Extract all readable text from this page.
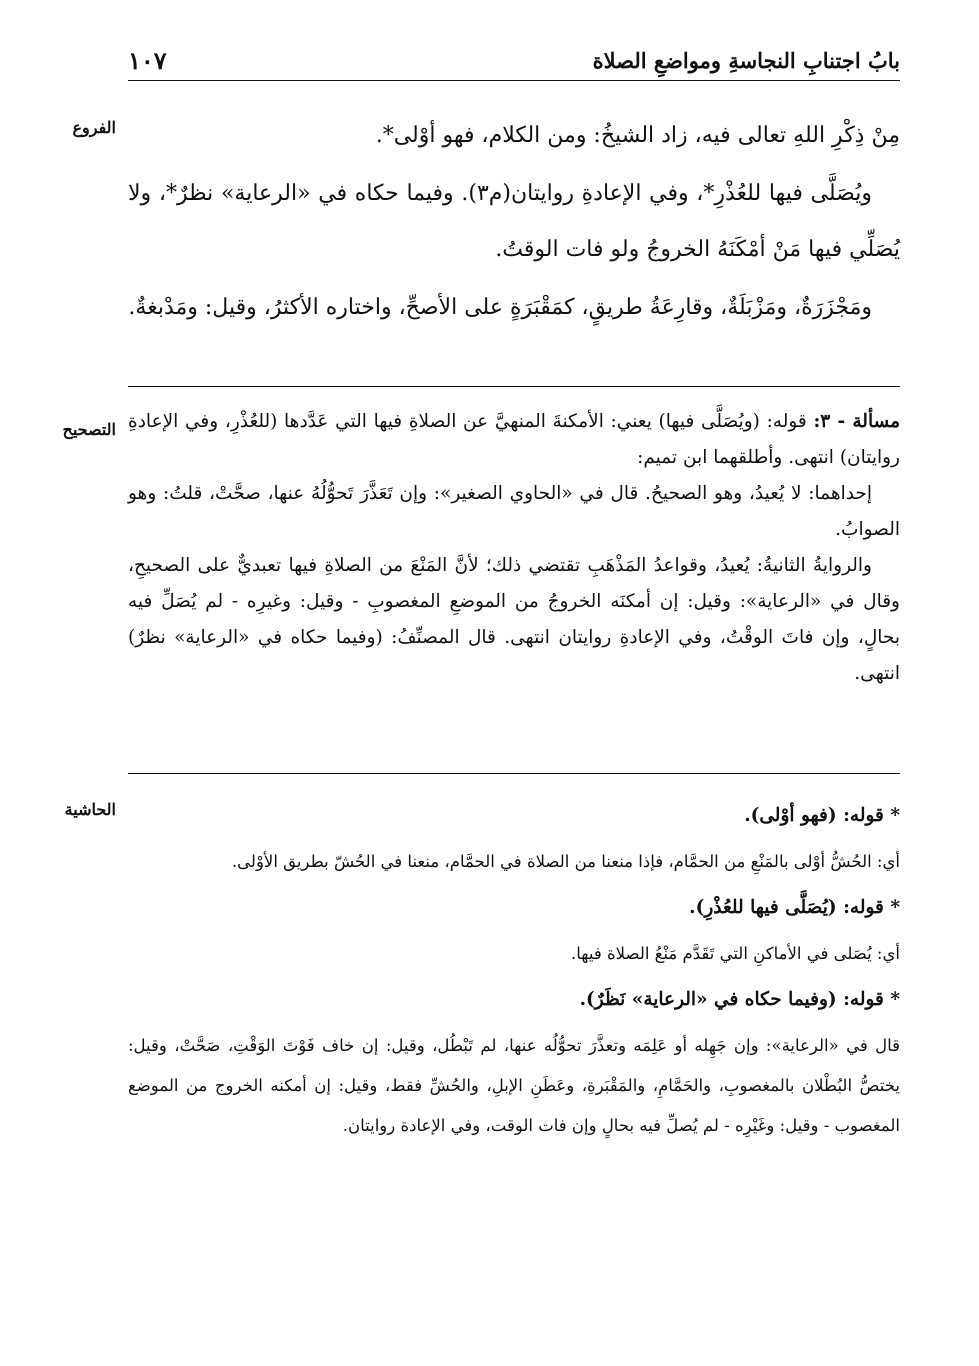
١٠٧	بابُ اجتنابِ النجاسةِ ومواضعِ الصلاة
الفروع	مِنْ ذِكْرِ اللهِ تعالى فيه، زاد الشيخُ: ومن الكلام، فهو أوْلى*.

ويُصَلَّى فيها للعُذْرِ*، وفي الإعادةِ روايتان(م٣). وفيما حكاه في «الرعاية» نظرٌ*، ولا يُصَلِّي فيها مَنْ أمْكَنَهُ الخروجُ ولو فات الوقتُ.

ومَجْزَرَةٌ، ومَزْبَلَةٌ، وقارِعَةُ طريقٍ، كمَقْبَرَةٍ على الأصحِّ، واختاره الأكثرُ، وقيل: ومَدْبغةٌ.

التصحيح	مسألة - ٣: قوله: (ويُصَلَّى فيها) يعني: الأمكنةَ المنهيَّ عن الصلاةِ فيها التي عَدَّدها (للعُذْرِ، وفي الإعادةِ روايتان) انتهى. وأطلقهما ابن تميم:

إحداهما: لا يُعيدُ، وهو الصحيحُ. قال في «الحاوي الصغير»: وإن تَعَذَّرَ تَحوُّلُهُ عنها، صحَّتْ، قلتُ: وهو الصوابُ.

والروايةُ الثانيةُ: يُعيدُ، وقواعدُ المَذْهَبِ تقتضي ذلك؛ لأنَّ المَنْعَ من الصلاةِ فيها تعبديٌّ على الصحيحِ، وقال في «الرعاية»: وقيل: إن أمكنَه الخروجُ من الموضعِ المغصوبِ - وقيل: وغيرِه - لم يُصَلِّ فيه بحالٍ، وإن فاتَ الوقْتُ، وفي الإعادةِ روايتان انتهى. قال المصنِّفُ: (وفيما حكاه في «الرعاية» نظرٌ) انتهى.

الحاشية	* قوله: (فهو أوْلى).
أي: الحُشُّ أوْلى بالمَنْعِ من الحمَّام، فإذا منعنا من الصلاة في الحمَّام، منعنا في الحُشّ بطريق الأوْلى.
* قوله: (يُصَلَّى فيها للعُذْرِ).
أي: يُصَلى في الأماكنِ التي تَقَدَّم مَنْعُ الصلاة فيها.
* قوله: (وفيما حكاه في «الرعاية» نَظَرٌ).
قال في «الرعاية»: وإن جَهِله أو عَلِمَه وتعذَّرَ تحوُّلُه عنها، لم تَبْطُل، وقيل: إن خاف فَوْتَ الوَقْتِ، صَحَّتْ، وقيل: يختصُّ البُطْلان بالمغصوبِ، والحَمَّامِ، والمَقْبَرةِ، وعَطَنِ الإبلِ، والحُشِّ فقط، وقيل: إن أمكنه الخروج من الموضع المغصوب - وقيل: وغَيْرِه - لم يُصلِّ فيه بحالٍ وإن فات الوقت، وفي الإعادة روايتان.
